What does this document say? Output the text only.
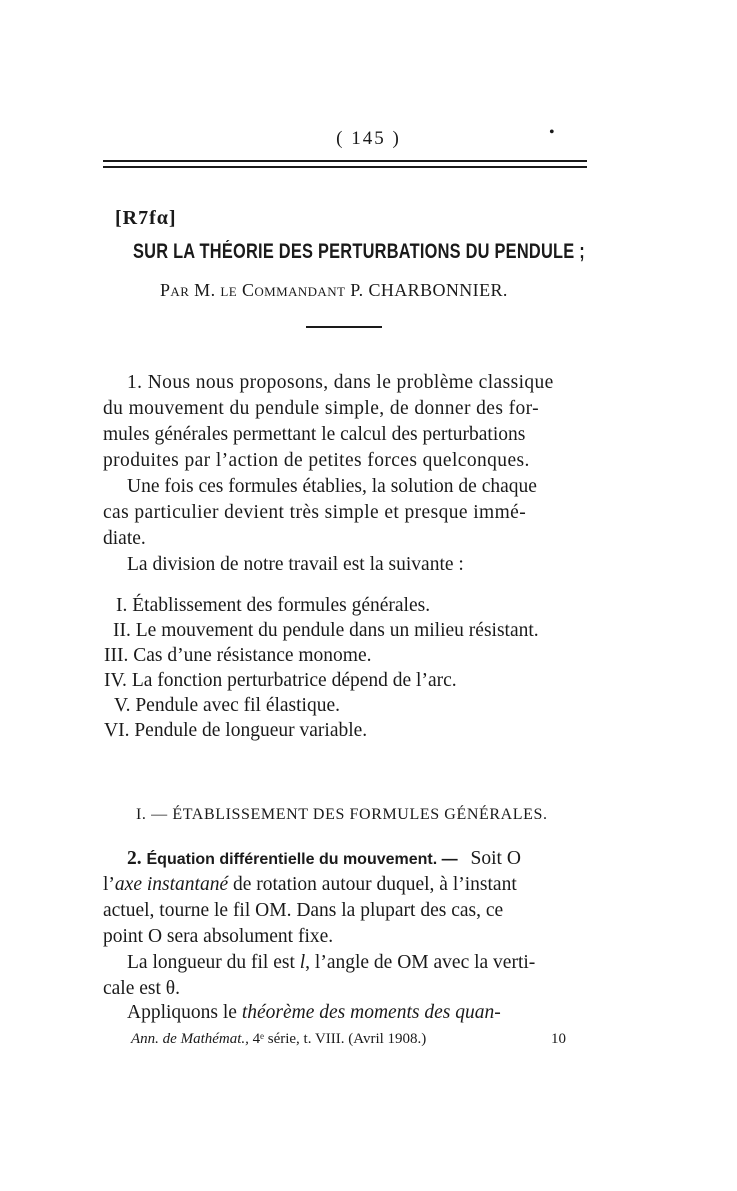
( 145 )	•
[R7fα]
SUR LA THÉORIE DES PERTURBATIONS DU PENDULE ;
Par M. le Commandant P. CHARBONNIER.
1. Nous nous proposons, dans le problème classique
du mouvement du pendule simple, de donner des for-
mules générales permettant le calcul des perturbations
produites par l’action de petites forces quelconques.
Une fois ces formules établies, la solution de chaque
cas particulier devient très simple et presque immé-
diate.
La division de notre travail est la suivante :
I. Établissement des formules générales.
II. Le mouvement du pendule dans un milieu résistant.
III. Cas d’une résistance monome.
IV. La fonction perturbatrice dépend de l’arc.
V. Pendule avec fil élastique.
VI. Pendule de longueur variable.
I. — ÉTABLISSEMENT DES FORMULES GÉNÉRALES.
2. Équation différentielle du mouvement. — Soit O
l’axe instantané de rotation autour duquel, à l’instant
actuel, tourne le fil OM. Dans la plupart des cas, ce
point O sera absolument fixe.
La longueur du fil est l, l’angle de OM avec la verti-
cale est θ.
Appliquons le théorème des moments des quan-
Ann. de Mathémat., 4ᵉ série, t. VIII. (Avril 1908.)	10
